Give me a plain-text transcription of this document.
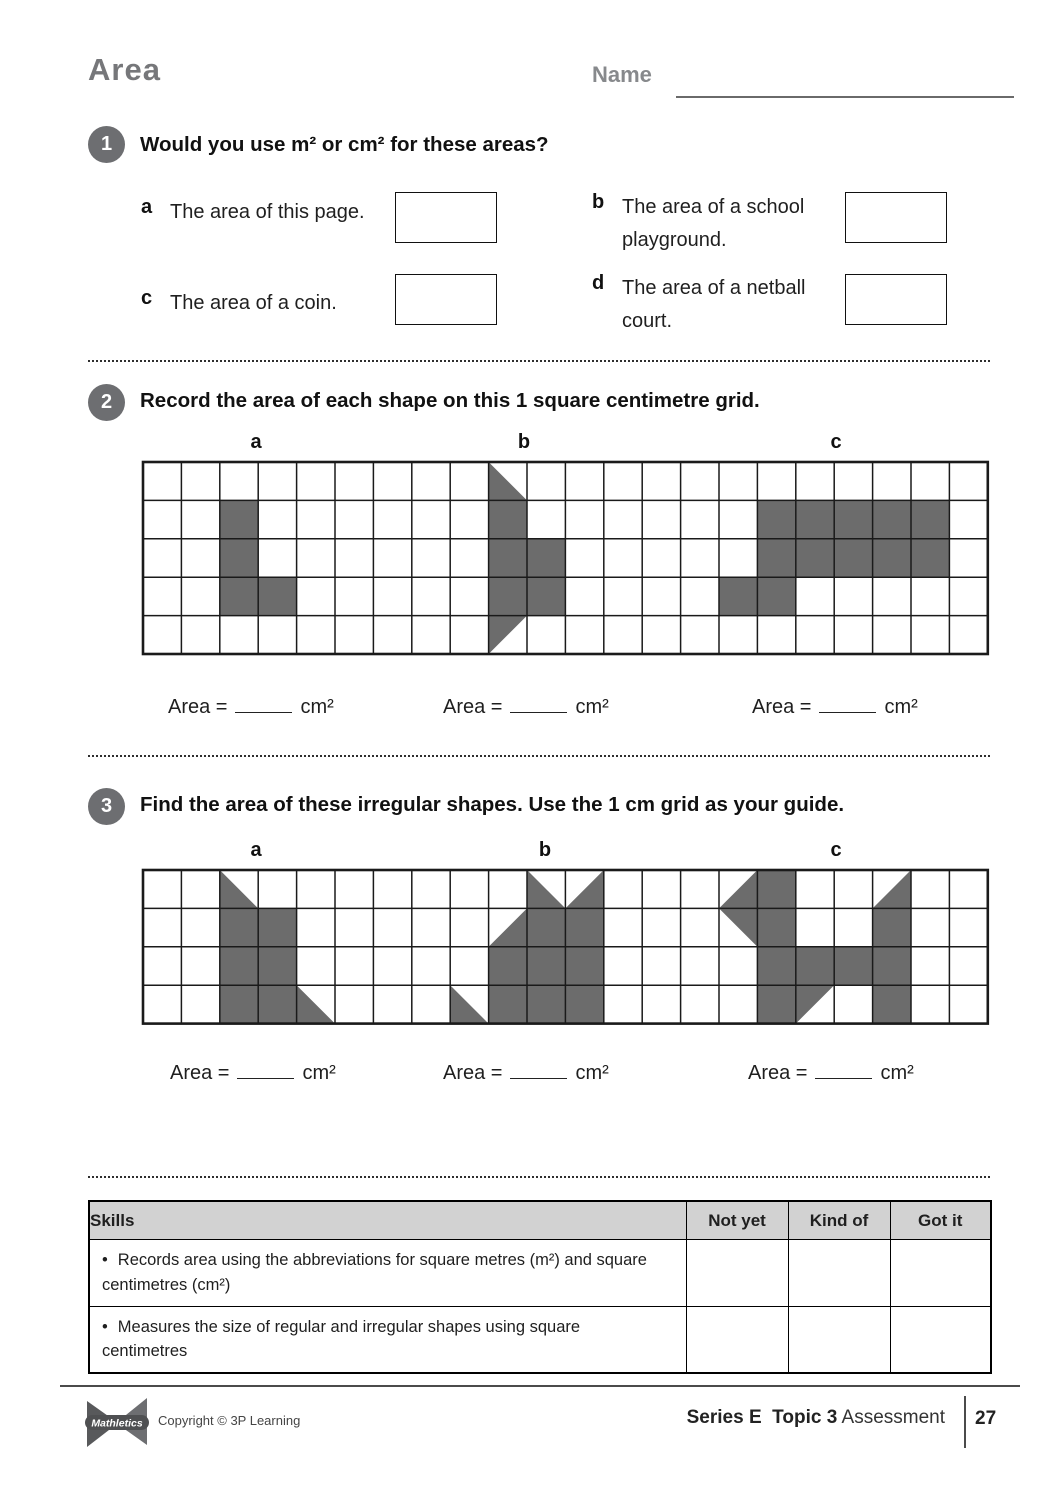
Area	Name
1	Would you use m² or cm² for these areas?
a The area of this page.	b The area of a school playground.
c The area of a coin.
d The area of a netball court.
2	Record the area of each shape on this 1 square centimetre grid.
a	b	c
Area =	cm²	Area =	cm²	Area =	cm²
3	Find the area of these irregular shapes. Use the 1 cm grid as your guide.
a	b	c
Area =	cm²	Area =	cm²	Area =	cm²
Skills	Not yet	Kind of	Got it
• Records area using the abbreviations for square metres (m²) and square centimetres (cm²)			
• Measures the size of regular and irregular shapes using square centimetres			
Mathletics Copyright © 3P Learning	Series E  Topic 3 Assessment 27
